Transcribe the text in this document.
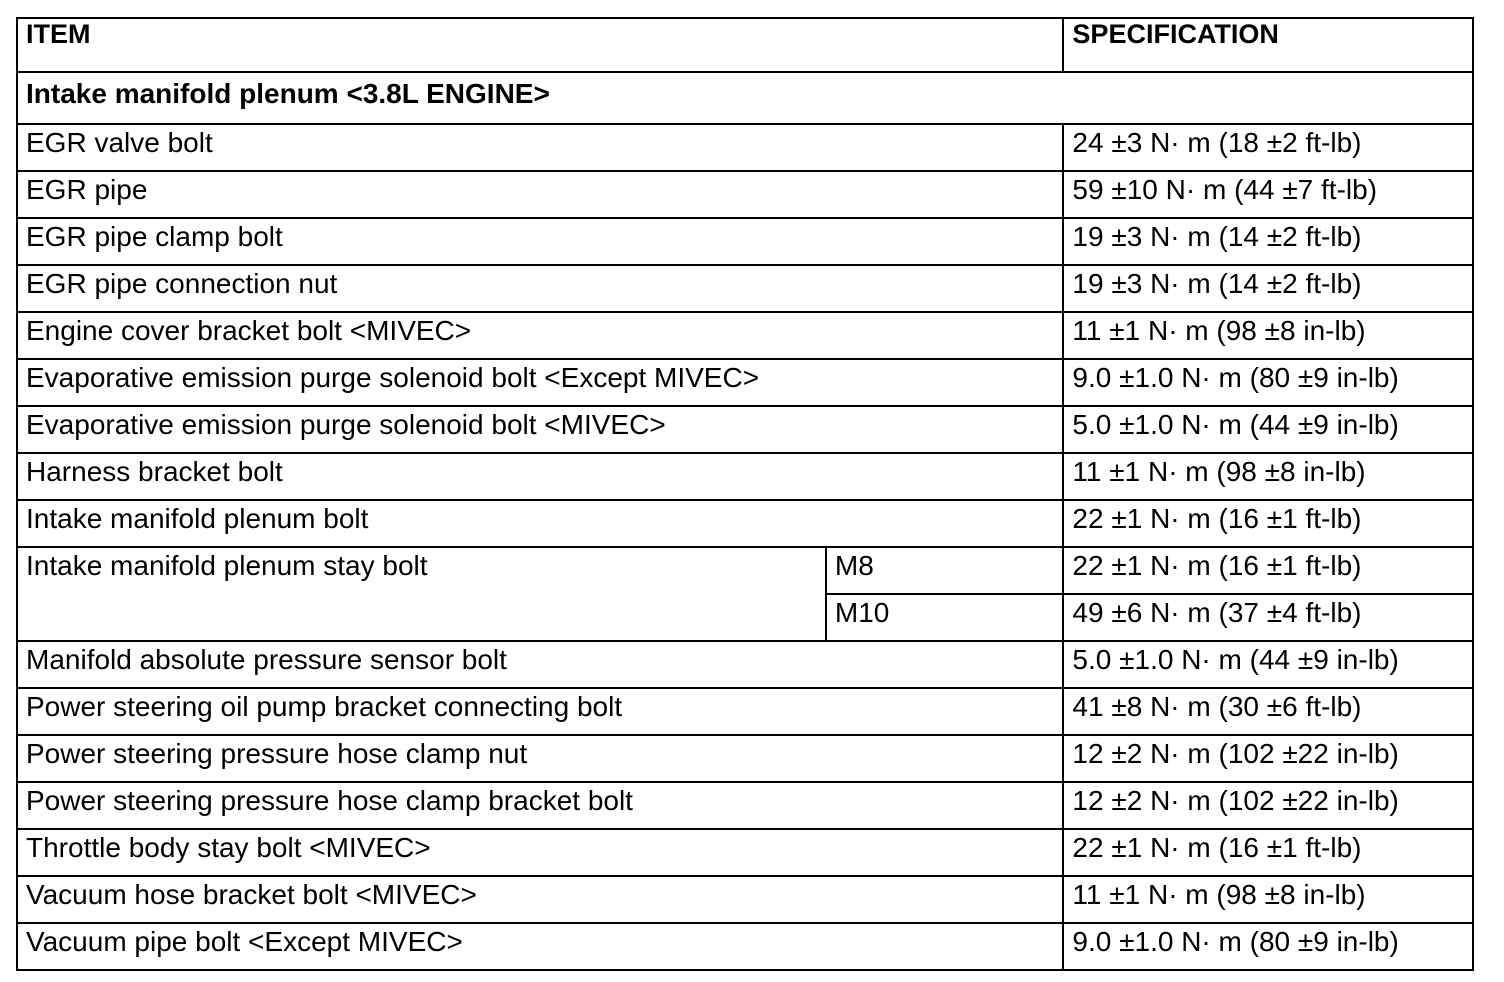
ITEM		SPECIFICATION
Intake manifold plenum <3.8L ENGINE>		
EGR valve bolt		24 ±3 N· m (18 ±2 ft-lb)
EGR pipe		59 ±10 N· m (44 ±7 ft-lb)
EGR pipe clamp bolt		19 ±3 N· m (14 ±2 ft-lb)
EGR pipe connection nut		19 ±3 N· m (14 ±2 ft-lb)
Engine cover bracket bolt <MIVEC>		11 ±1 N· m (98 ±8 in-lb)
Evaporative emission purge solenoid bolt <Except MIVEC>		9.0 ±1.0 N· m (80 ±9 in-lb)
Evaporative emission purge solenoid bolt <MIVEC>		5.0 ±1.0 N· m (44 ±9 in-lb)
Harness bracket bolt		11 ±1 N· m (98 ±8 in-lb)
Intake manifold plenum bolt		22 ±1 N· m (16 ±1 ft-lb)
Intake manifold plenum stay bolt	M8	22 ±1 N· m (16 ±1 ft-lb)
	M10	49 ±6 N· m (37 ±4 ft-lb)
Manifold absolute pressure sensor bolt		5.0 ±1.0 N· m (44 ±9 in-lb)
Power steering oil pump bracket connecting bolt		41 ±8 N· m (30 ±6 ft-lb)
Power steering pressure hose clamp nut		12 ±2 N· m (102 ±22 in-lb)
Power steering pressure hose clamp bracket bolt		12 ±2 N· m (102 ±22 in-lb)
Throttle body stay bolt <MIVEC>		22 ±1 N· m (16 ±1 ft-lb)
Vacuum hose bracket bolt <MIVEC>		11 ±1 N· m (98 ±8 in-lb)
Vacuum pipe bolt <Except MIVEC>		9.0 ±1.0 N· m (80 ±9 in-lb)
